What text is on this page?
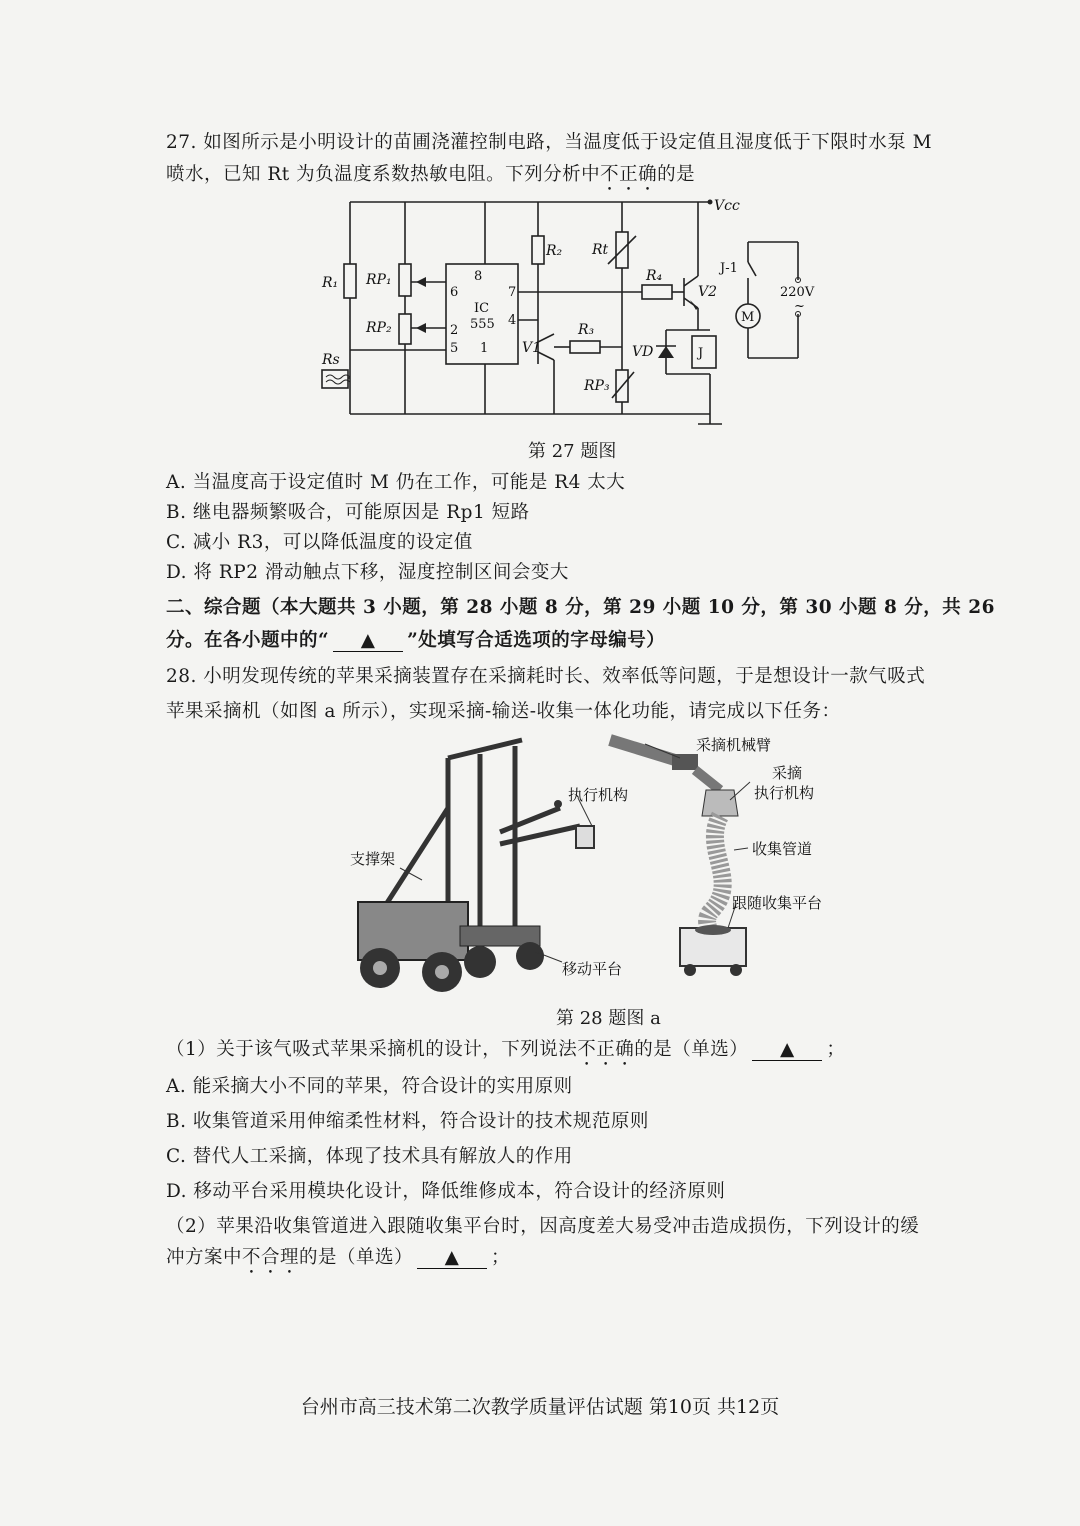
27. 如图所示是小明设计的苗圃浇灌控制电路，当温度低于设定值且湿度低于下限时水泵 M
喷水，已知 Rt 为负温度系数热敏电阻。下列分析中不正确的是
Vcc
R₁ RP₁
RP₂
Rs
R₂ Rt
R₄
R₃
V1
V2
VD
RP₃
8
6	7
4
2
5 1
IC
555
J
J-1
220V
~
M
第 27 题图
A. 当温度高于设定值时 M 仍在工作，可能是 R4 太大
B. 继电器频繁吸合，可能原因是 Rp1 短路
C. 减小 R3，可以降低温度的设定值
D. 将 RP2 滑动触点下移，湿度控制区间会变大
二、综合题（本大题共 3 小题，第 28 小题 8 分，第 29 小题 10 分，第 30 小题 8 分，共 26
分。在各小题中的“ ▲ ”处填写合适选项的字母编号）
28. 小明发现传统的苹果采摘装置存在采摘耗时长、效率低等问题，于是想设计一款气吸式
苹果采摘机（如图 a 所示），实现采摘-输送-收集一体化功能，请完成以下任务：
采摘机械臂
采摘
执行机构
执行机构
支撑架
收集管道
跟随收集平台
移动平台
第 28 题图 a
（1）关于该气吸式苹果采摘机的设计，下列说法不正确的是（单选） ▲ ；
A. 能采摘大小不同的苹果，符合设计的实用原则
B. 收集管道采用伸缩柔性材料，符合设计的技术规范原则
C. 替代人工采摘，体现了技术具有解放人的作用
D. 移动平台采用模块化设计，降低维修成本，符合设计的经济原则
（2）苹果沿收集管道进入跟随收集平台时，因高度差大易受冲击造成损伤，下列设计的缓
冲方案中不合理的是（单选） ▲ ；
台州市高三技术第二次教学质量评估试题 第10页 共12页
